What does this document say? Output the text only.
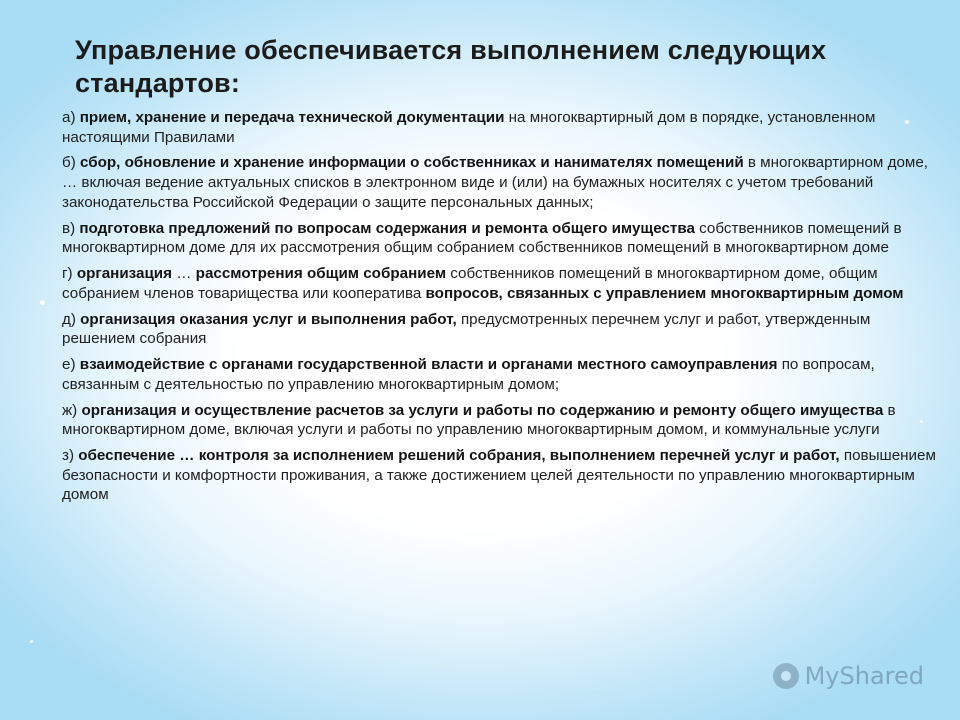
Управление обеспечивается выполнением следующих стандартов:

а) прием, хранение и передача технической документации на многоквартирный дом в порядке, установленном настоящими Правилами

б) сбор, обновление и хранение информации о собственниках и нанимателях помещений в многоквартирном доме, … включая ведение актуальных списков в электронном виде и (или) на бумажных носителях с учетом требований законодательства Российской Федерации о защите персональных данных;

в) подготовка предложений по вопросам содержания и ремонта общего имущества собственников помещений в многоквартирном доме для их рассмотрения общим собранием собственников помещений в многоквартирном доме

г) организация … рассмотрения общим собранием собственников помещений в многоквартирном доме, общим собранием членов товарищества или кооператива вопросов, связанных с управлением многоквартирным домом

д) организация оказания услуг и выполнения работ, предусмотренных перечнем услуг и работ, утвержденным решением собрания

е) взаимодействие с органами государственной власти и органами местного самоуправления по вопросам, связанным с деятельностью по управлению многоквартирным домом;

ж) организация и осуществление расчетов за услуги и работы по содержанию и ремонту общего имущества в многоквартирном доме, включая услуги и работы по управлению многоквартирным домом, и коммунальные услуги

з) обеспечение … контроля за исполнением решений собрания, выполнением перечней услуг и работ, повышением безопасности и комфортности проживания, а также достижением целей деятельности по управлению многоквартирным домом

MyShared
